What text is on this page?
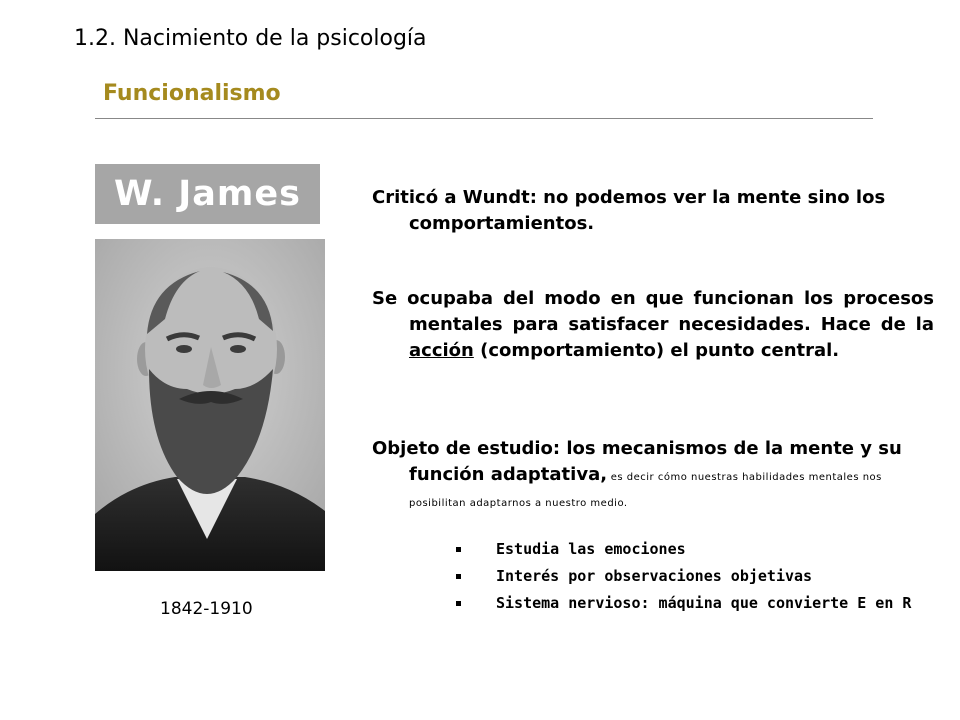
1.2. Nacimiento de la psicología
Funcionalismo
W. James
1842-1910
Criticó a Wundt: no podemos ver la mente sino los comportamientos.
Se ocupaba del modo en que funcionan los procesos mentales para satisfacer necesidades. Hace de la acción (comportamiento) el punto central.
Objeto de estudio: los mecanismos de la mente y su función adaptativa, es decir cómo nuestras habilidades mentales nos posibilitan adaptarnos a nuestro medio.
Estudia las emociones
Interés por observaciones objetivas
Sistema nervioso: máquina que convierte E en R
